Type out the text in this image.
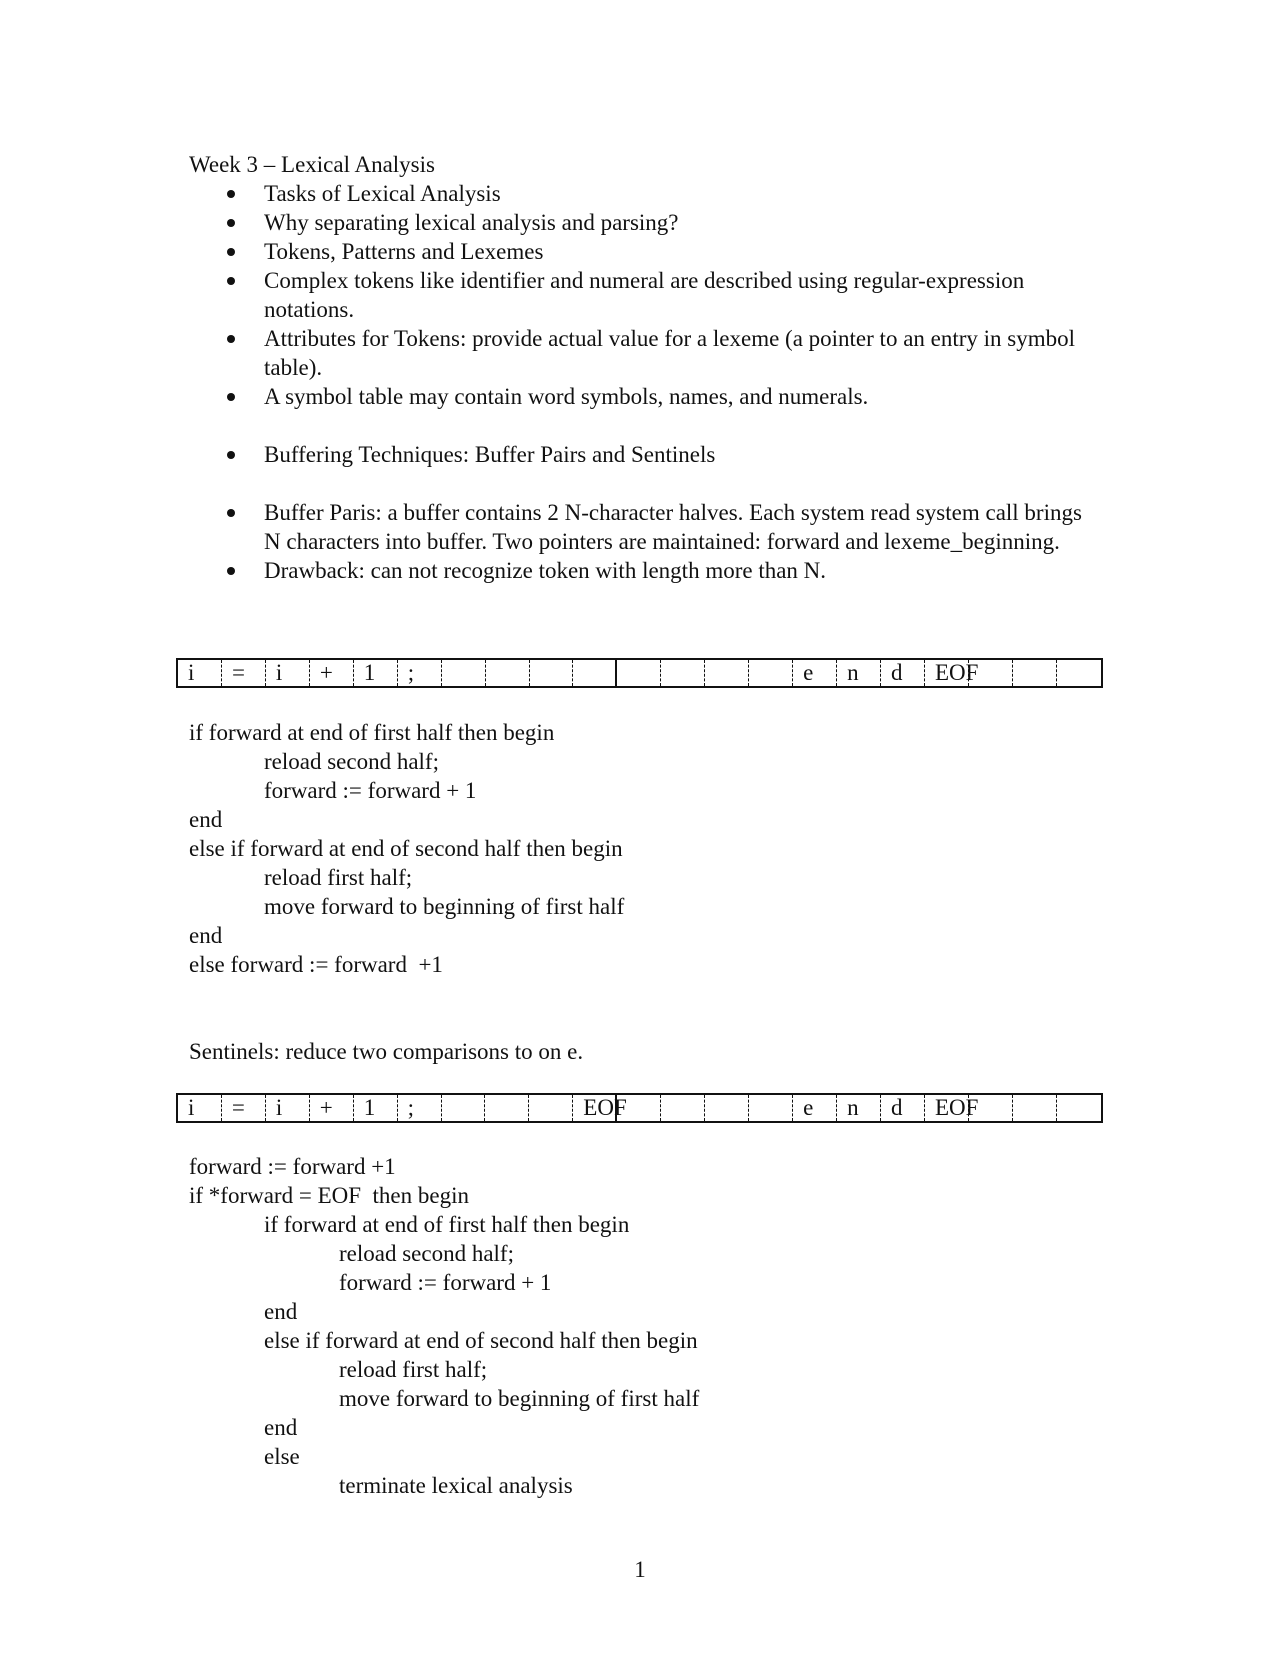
Week 3 – Lexical Analysis
Tasks of Lexical Analysis
Why separating lexical analysis and parsing?
Tokens, Patterns and Lexemes
Complex tokens like identifier and numeral are described using regular-expression notations.
Attributes for Tokens: provide actual value for a lexeme (a pointer to an entry in symbol table).
A symbol table may contain word symbols, names, and numerals.
Buffering Techniques: Buffer Pairs and Sentinels
Buffer Paris: a buffer contains 2 N-character halves. Each system read system call brings N characters into buffer. Two pointers are maintained: forward and lexeme_beginning.
Drawback: can not recognize token with length more than N.
i	=	i	+	1	;	e	n	d	EOF
if forward at end of first half then begin
reload second half;
forward := forward + 1
end
else if forward at end of second half then begin
reload first half;
move forward to beginning of first half
end
else forward := forward  +1
Sentinels: reduce two comparisons to on e.
i	=	i	+	1	;	EOF	e	n	d	EOF
forward := forward +1
if *forward = EOF  then begin
if forward at end of first half then begin
reload second half;
forward := forward + 1
end
else if forward at end of second half then begin
reload first half;
move forward to beginning of first half
end
else
terminate lexical analysis
1
